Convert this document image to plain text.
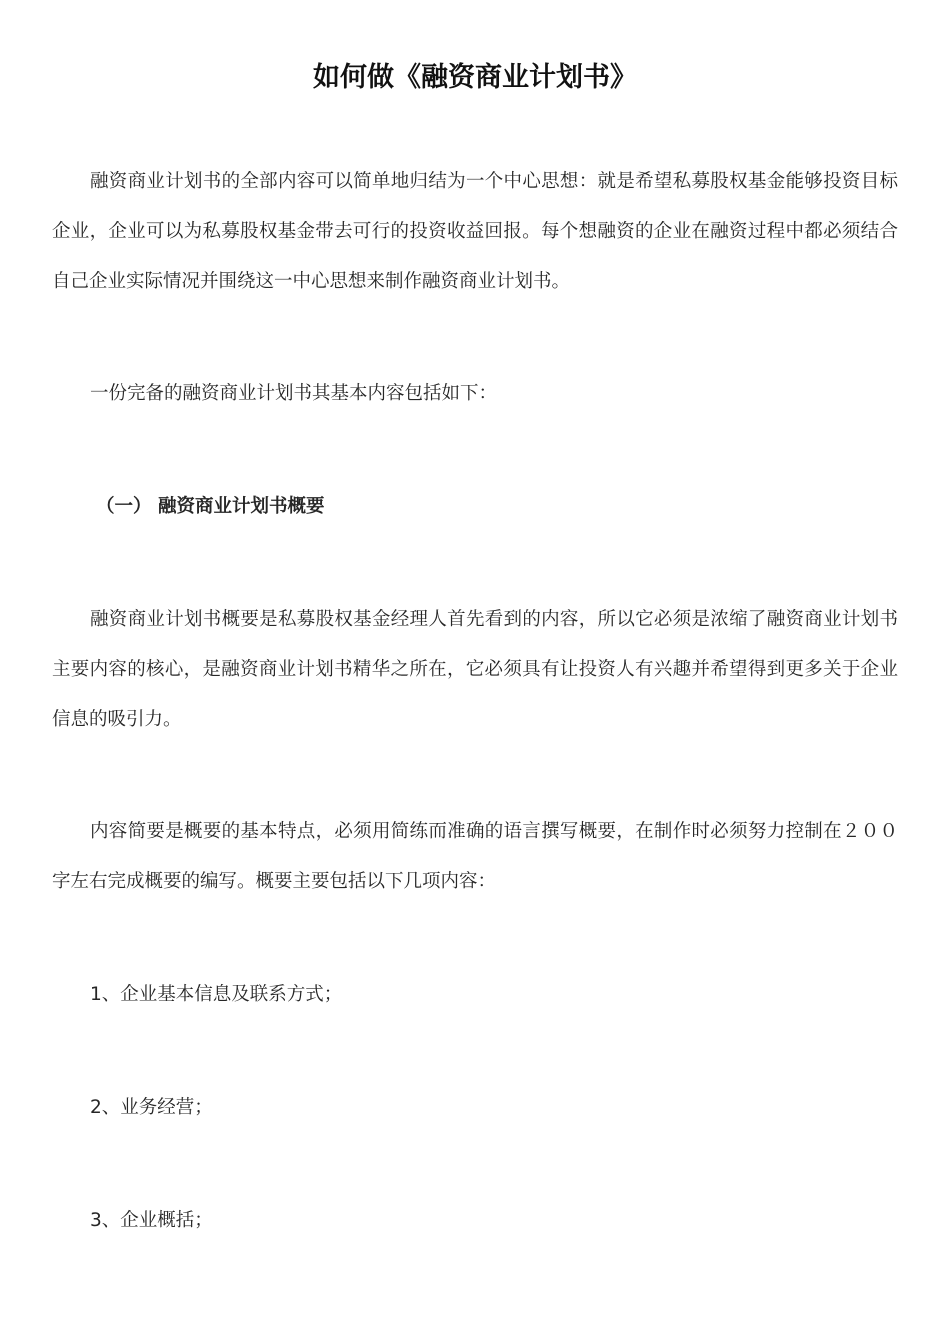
如何做《融资商业计划书》

融资商业计划书的全部内容可以简单地归结为一个中心思想：就是希望私募股权基金能够投资目标企业，企业可以为私募股权基金带去可行的投资收益回报。每个想融资的企业在融资过程中都必须结合自己企业实际情况并围绕这一中心思想来制作融资商业计划书。

一份完备的融资商业计划书其基本内容包括如下：

（一） 融资商业计划书概要

融资商业计划书概要是私募股权基金经理人首先看到的内容，所以它必须是浓缩了融资商业计划书主要内容的核心，是融资商业计划书精华之所在，它必须具有让投资人有兴趣并希望得到更多关于企业信息的吸引力。

内容简要是概要的基本特点，必须用简练而准确的语言撰写概要，在制作时必须努力控制在２００字左右完成概要的编写。概要主要包括以下几项内容：

1、企业基本信息及联系方式；

2、业务经营；

3、企业概括；
